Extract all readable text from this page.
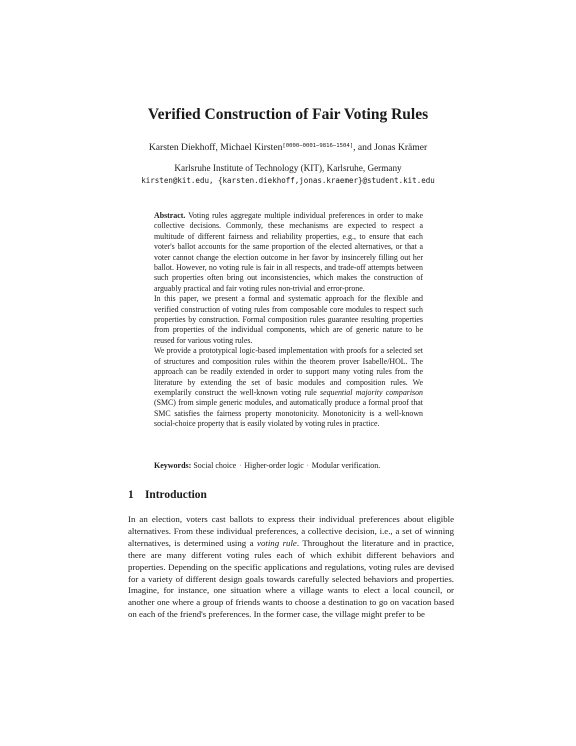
Verified Construction of Fair Voting Rules
Karsten Diekhoff, Michael Kirsten[0000−0001−9816−1504], and Jonas Krämer
Karlsruhe Institute of Technology (KIT), Karlsruhe, Germany
kirsten@kit.edu, {karsten.diekhoff,jonas.kraemer}@student.kit.edu

Abstract. Voting rules aggregate multiple individual preferences in order to make collective decisions. Commonly, these mechanisms are expected to respect a multitude of different fairness and reliability properties, e.g., to ensure that each voter's ballot accounts for the same proportion of the elected alternatives, or that a voter cannot change the election outcome in her favor by insincerely filling out her ballot. However, no voting rule is fair in all respects, and trade-off attempts between such properties often bring out inconsistencies, which makes the construction of arguably practical and fair voting rules non-trivial and error-prone.

In this paper, we present a formal and systematic approach for the flexible and verified construction of voting rules from composable core modules to respect such properties by construction. Formal composition rules guarantee resulting properties from properties of the individual components, which are of generic nature to be reused for various voting rules.

We provide a prototypical logic-based implementation with proofs for a selected set of structures and composition rules within the theorem prover Isabelle/HOL. The approach can be readily extended in order to support many voting rules from the literature by extending the set of basic modules and composition rules. We exemplarily construct the well-known voting rule sequential majority comparison (SMC) from simple generic modules, and automatically produce a formal proof that SMC satisfies the fairness property monotonicity. Monotonicity is a well-known social-choice property that is easily violated by voting rules in practice.

Keywords: Social choice · Higher-order logic · Modular verification.

1 Introduction

In an election, voters cast ballots to express their individual preferences about eligible alternatives. From these individual preferences, a collective decision, i.e., a set of winning alternatives, is determined using a voting rule. Throughout the literature and in practice, there are many different voting rules each of which exhibit different behaviors and properties. Depending on the specific applications and regulations, voting rules are devised for a variety of different design goals towards carefully selected behaviors and properties. Imagine, for instance, one situation where a village wants to elect a local council, or another one where a group of friends wants to choose a destination to go on vacation based on each of the friend's preferences. In the former case, the village might prefer to be
